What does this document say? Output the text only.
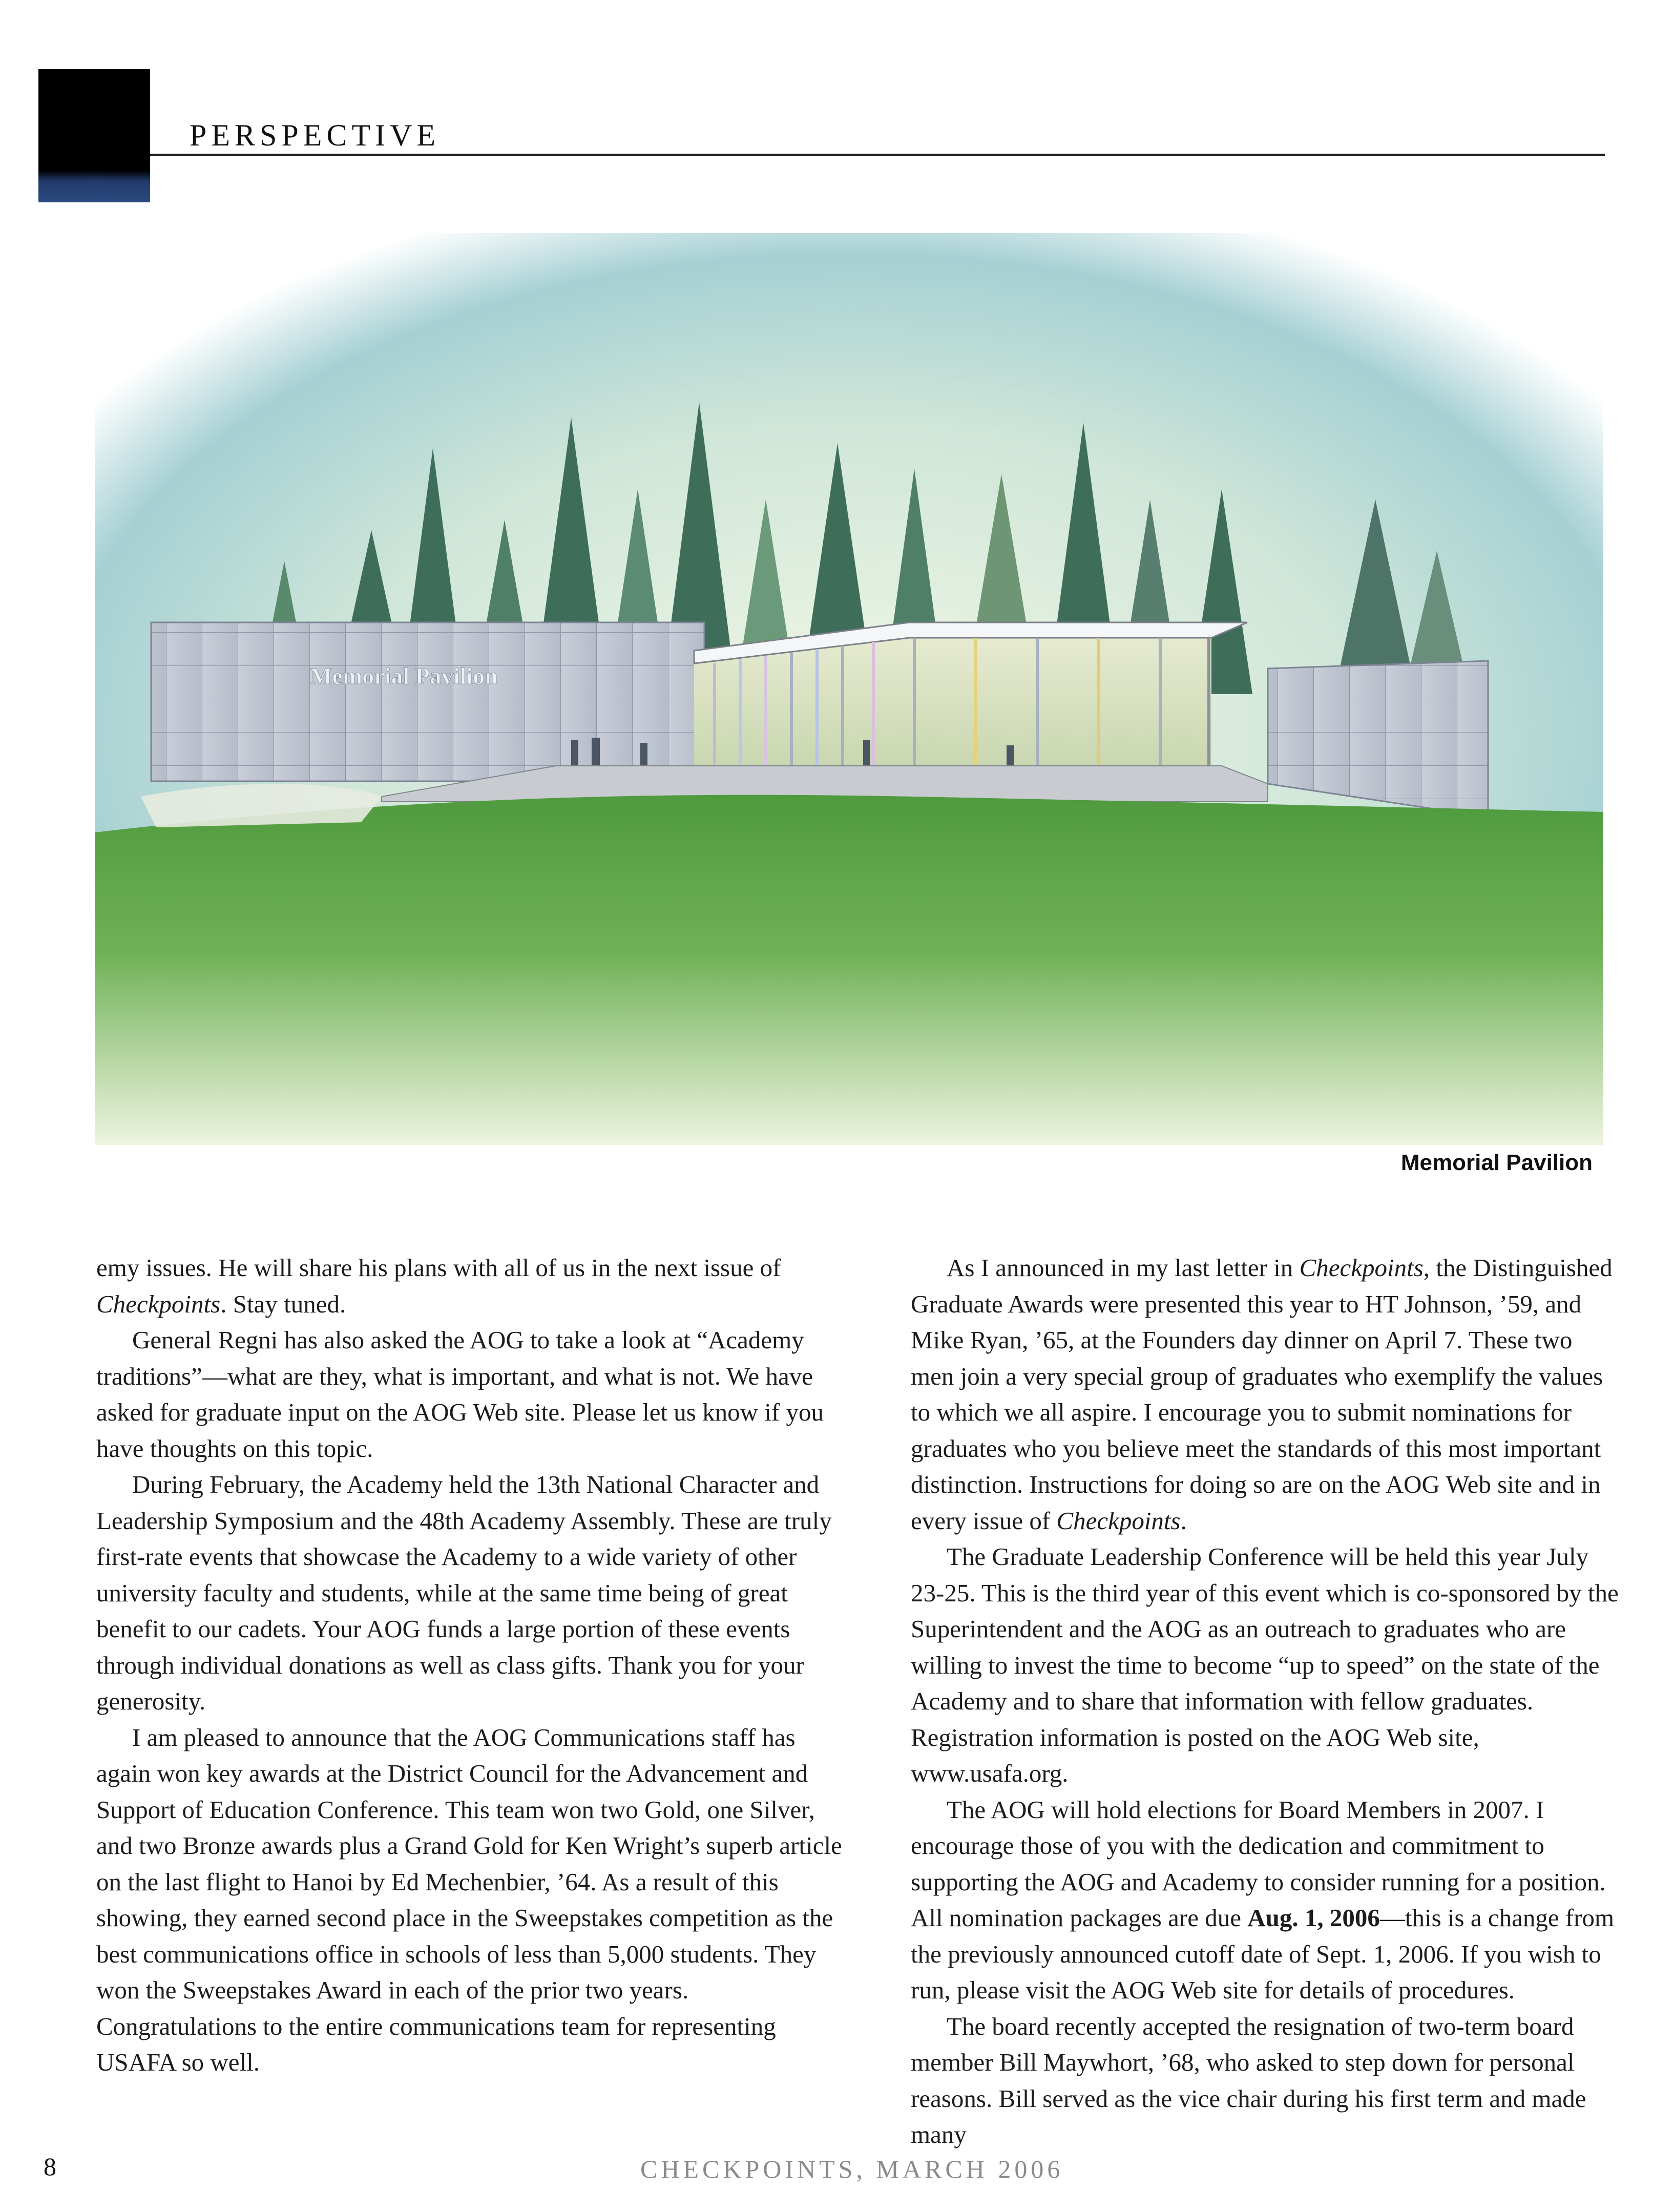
PERSPECTIVE
Memorial Pavilion
Memorial Pavilion

emy issues. He will share his plans with all of us in the next issue of Checkpoints. Stay tuned.

General Regni has also asked the AOG to take a look at “Academy traditions”—what are they, what is important, and what is not. We have asked for graduate input on the AOG Web site. Please let us know if you have thoughts on this topic.

During February, the Academy held the 13th National Character and Leadership Symposium and the 48th Academy Assembly. These are truly first-rate events that showcase the Academy to a wide variety of other university faculty and students, while at the same time being of great benefit to our cadets. Your AOG funds a large portion of these events through individual donations as well as class gifts. Thank you for your generosity.

I am pleased to announce that the AOG Communications staff has again won key awards at the District Council for the Advancement and Support of Education Conference. This team won two Gold, one Silver, and two Bronze awards plus a Grand Gold for Ken Wright’s superb article on the last flight to Hanoi by Ed Mechenbier, ’64. As a result of this showing, they earned second place in the Sweepstakes competition as the best communications office in schools of less than 5,000 students. They won the Sweepstakes Award in each of the prior two years. Congratulations to the entire communications team for representing USAFA so well.

As I announced in my last letter in Checkpoints, the Distinguished Graduate Awards were presented this year to HT Johnson, ’59, and Mike Ryan, ’65, at the Founders day dinner on April 7. These two men join a very special group of graduates who exemplify the values to which we all aspire. I encourage you to submit nominations for graduates who you believe meet the standards of this most important distinction. Instructions for doing so are on the AOG Web site and in every issue of Checkpoints.

The Graduate Leadership Conference will be held this year July 23-25. This is the third year of this event which is co-sponsored by the Superintendent and the AOG as an outreach to graduates who are willing to invest the time to become “up to speed” on the state of the Academy and to share that information with fellow graduates. Registration information is posted on the AOG Web site, www.usafa.org.

The AOG will hold elections for Board Members in 2007. I encourage those of you with the dedication and commitment to supporting the AOG and Academy to consider running for a position. All nomination packages are due Aug. 1, 2006—this is a change from the previously announced cutoff date of Sept. 1, 2006. If you wish to run, please visit the AOG Web site for details of procedures.

The board recently accepted the resignation of two-term board member Bill Maywhort, ’68, who asked to step down for personal reasons. Bill served as the vice chair during his first term and made many

8	CHECKPOINTS, MARCH 2006
